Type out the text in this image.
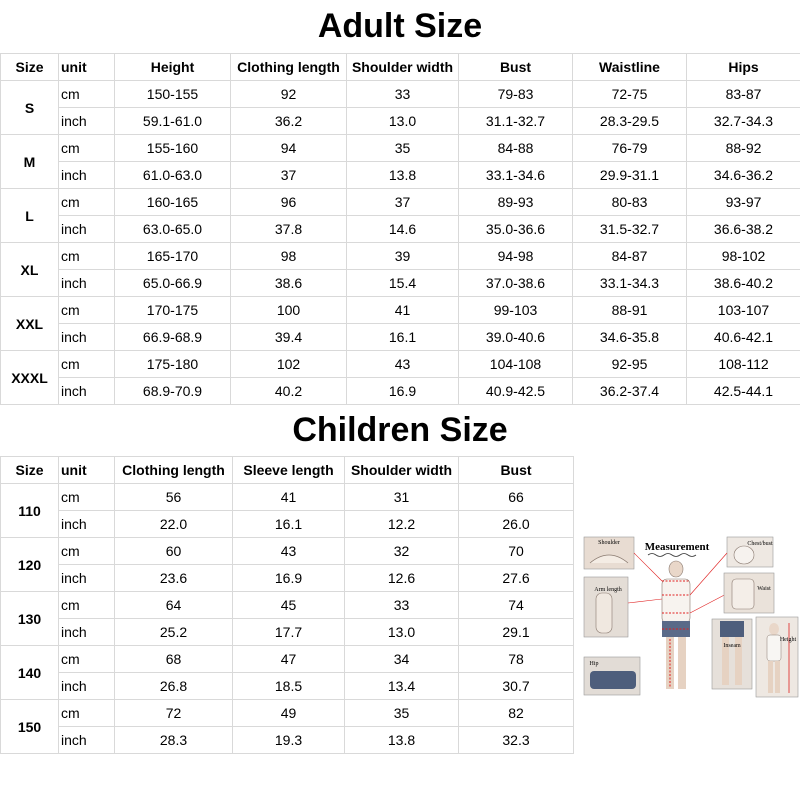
Adult Size
Size	unit	Height	Clothing length	Shoulder width	Bust	Waistline	Hips
S	cm	150-155	92	33	79-83	72-75	83-87
	inch	59.1-61.0	36.2	13.0	31.1-32.7	28.3-29.5	32.7-34.3
M	cm	155-160	94	35	84-88	76-79	88-92
	inch	61.0-63.0	37	13.8	33.1-34.6	29.9-31.1	34.6-36.2
L	cm	160-165	96	37	89-93	80-83	93-97
	inch	63.0-65.0	37.8	14.6	35.0-36.6	31.5-32.7	36.6-38.2
XL	cm	165-170	98	39	94-98	84-87	98-102
	inch	65.0-66.9	38.6	15.4	37.0-38.6	33.1-34.3	38.6-40.2
XXL	cm	170-175	100	41	99-103	88-91	103-107
	inch	66.9-68.9	39.4	16.1	39.0-40.6	34.6-35.8	40.6-42.1
XXXL	cm	175-180	102	43	104-108	92-95	108-112
	inch	68.9-70.9	40.2	16.9	40.9-42.5	36.2-37.4	42.5-44.1
Children Size
Size	unit	Clothing length	Sleeve length	Shoulder width	Bust
110	cm	56	41	31	66
	inch	22.0	16.1	12.2	26.0
120	cm	60	43	32	70
	inch	23.6	16.9	12.6	27.6
130	cm	64	45	33	74
	inch	25.2	17.7	13.0	29.1
140	cm	68	47	34	78
	inch	26.8	18.5	13.4	30.7
150	cm	72	49	35	82
	inch	28.3	19.3	13.8	32.3
Shoulder Measurement	Chest/bust
Arm length	Waist
Inseam
Height
Hip
